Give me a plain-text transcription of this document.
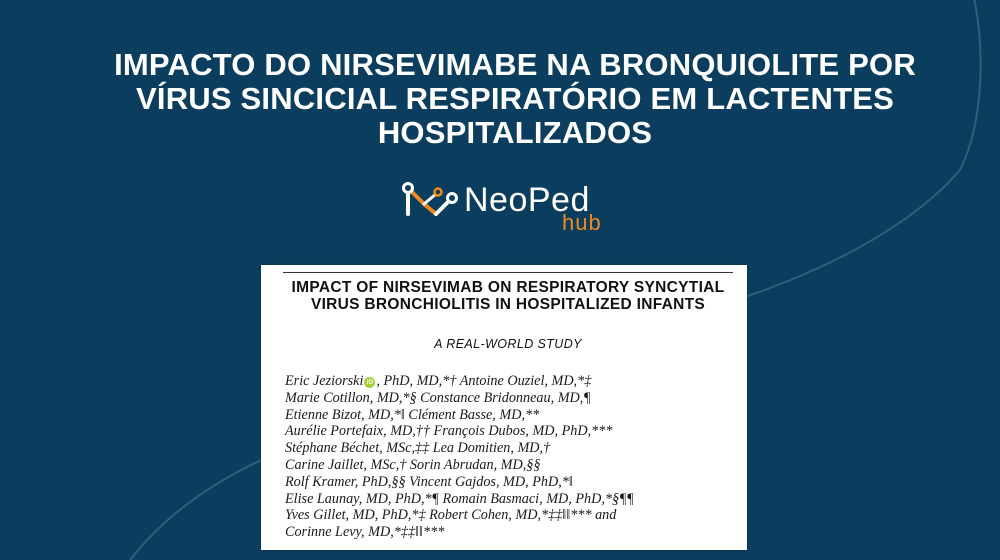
IMPACTO DO NIRSEVIMABE NA BRONQUIOLITE POR VÍRUS SINCICIAL RESPIRATÓRIO EM LACTENTES HOSPITALIZADOS
NeoPed
hub
IMPACT OF NIRSEVIMAB ON RESPIRATORY SYNCYTIAL VIRUS BRONCHIOLITIS IN HOSPITALIZED INFANTS
A REAL-WORLD STUDY
Eric Jeziorski iD , PhD, MD,*† Antoine Ouziel, MD,*‡
Marie Cotillon, MD,*§ Constance Bridonneau, MD,¶
Etienne Bizot, MD,*‖ Clément Basse, MD,**
Aurélie Portefaix, MD,†† François Dubos, MD, PhD,***
Stéphane Béchet, MSc,‡‡ Lea Domitien, MD,†
Carine Jaillet, MSc,† Sorin Abrudan, MD,§§
Rolf Kramer, PhD,§§ Vincent Gajdos, MD, PhD,*‖
Elise Launay, MD, PhD,*¶ Romain Basmaci, MD, PhD,*§¶¶
Yves Gillet, MD, PhD,*‡ Robert Cohen, MD,*‡‡‖‖*** and
Corinne Levy, MD,*‡‡‖‖***
